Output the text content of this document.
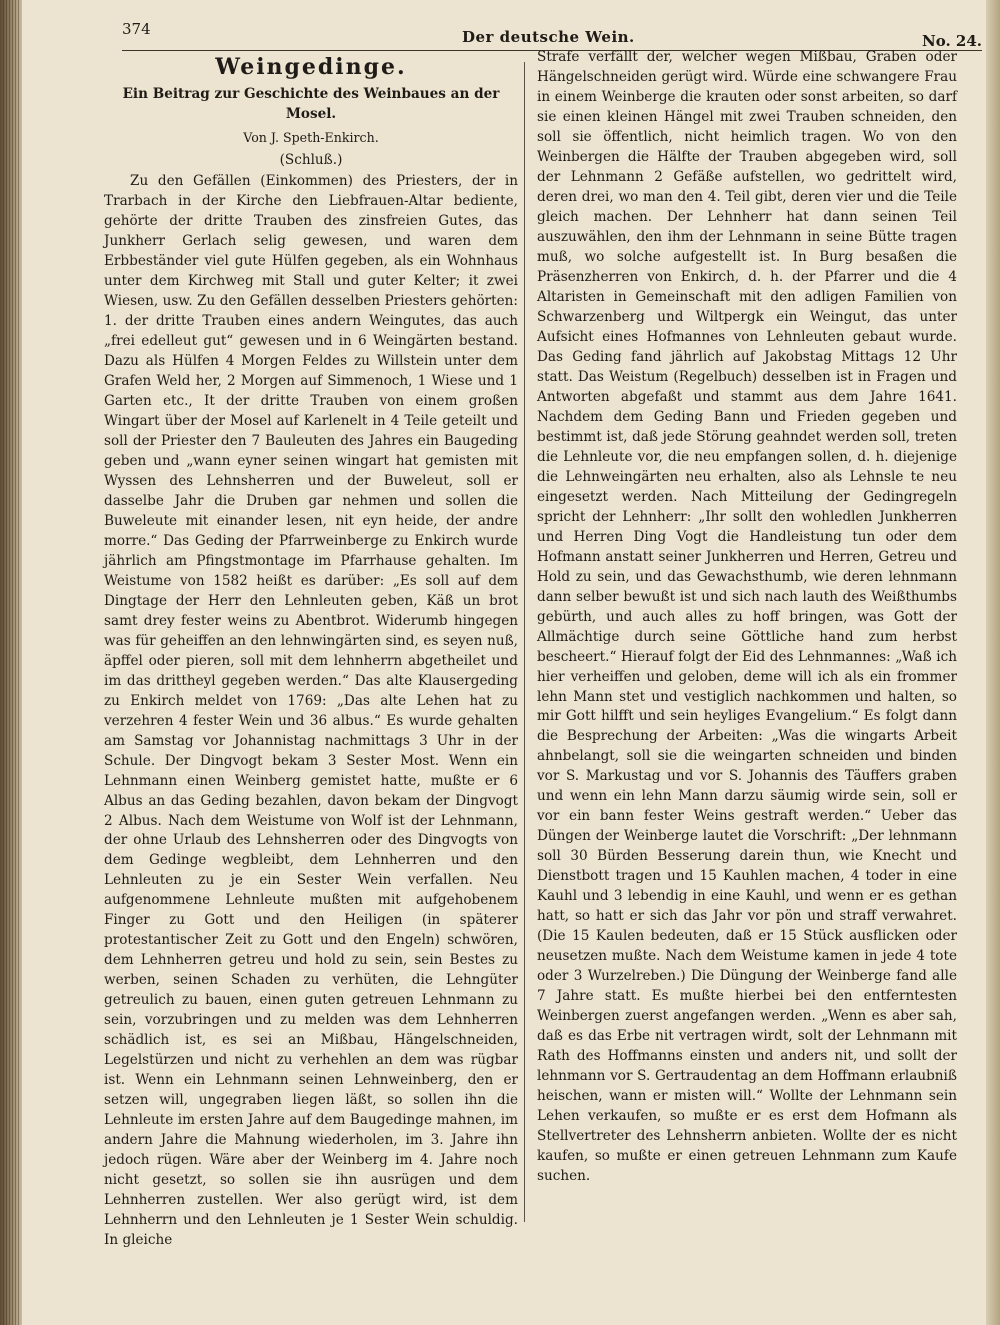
374	Der deutsche Wein.	No. 24.
Weingedinge.
Ein Beitrag zur Geschichte des Weinbaues an der Mosel.
Von J. Speth-Enkirch.
(Schluß.)

Zu den Gefällen (Einkommen) des Priesters, der in Trarbach in der Kirche den Liebfrauen-Altar bediente, gehörte der dritte Trauben des zinsfreien Gutes, das Junkherr Gerlach selig gewesen, und waren dem Erbbeständer viel gute Hülfen gegeben, als ein Wohnhaus unter dem Kirchweg mit Stall und guter Kelter; it zwei Wiesen, usw. Zu den Gefällen desselben Priesters gehörten: 1. der dritte Trauben eines andern Weingutes, das auch „frei edelleut gut“ gewesen und in 6 Weingärten bestand. Dazu als Hülfen 4 Morgen Feldes zu Willstein unter dem Grafen Weld her, 2 Morgen auf Simmenoch, 1 Wiese und 1 Garten etc., It der dritte Trauben von einem großen Wingart über der Mosel auf Karlenelt in 4 Teile geteilt und soll der Priester den 7 Bauleuten des Jahres ein Baugeding geben und „wann eyner seinen wingart hat gemisten mit Wyssen des Lehnsherren und der Buweleut, soll er dasselbe Jahr die Druben gar nehmen und sollen die Buweleute mit einander lesen, nit eyn heide, der andre morre.“ Das Geding der Pfarrweinberge zu Enkirch wurde jährlich am Pfingstmontage im Pfarrhause gehalten. Im Weistume von 1582 heißt es darüber: „Es soll auf dem Dingtage der Herr den Lehnleuten geben, Käß un brot samt drey fester weins zu Abentbrot. Widerumb hingegen was für geheiffen an den lehnwingärten sind, es seyen nuß, äpffel oder pieren, soll mit dem lehnherrn abgetheilet und im das drittheyl gegeben werden.“ Das alte Klausergeding zu Enkirch meldet von 1769: „Das alte Lehen hat zu verzehren 4 fester Wein und 36 albus.“ Es wurde gehalten am Samstag vor Johannistag nachmittags 3 Uhr in der Schule. Der Dingvogt bekam 3 Sester Most. Wenn ein Lehnmann einen Weinberg gemistet hatte, mußte er 6 Albus an das Geding bezahlen, davon bekam der Dingvogt 2 Albus. Nach dem Weistume von Wolf ist der Lehnmann, der ohne Urlaub des Lehnsherren oder des Dingvogts von dem Gedinge wegbleibt, dem Lehnherren und den Lehnleuten zu je ein Sester Wein verfallen. Neu aufgenommene Lehnleute mußten mit aufgehobenem Finger zu Gott und den Heiligen (in späterer protestantischer Zeit zu Gott und den Engeln) schwören, dem Lehnherren getreu und hold zu sein, sein Bestes zu werben, seinen Schaden zu verhüten, die Lehngüter getreulich zu bauen, einen guten getreuen Lehnmann zu sein, vorzubringen und zu melden was dem Lehnherren schädlich ist, es sei an Mißbau, Hängelschneiden, Legelstürzen und nicht zu verhehlen an dem was rügbar ist. Wenn ein Lehnmann seinen Lehnweinberg, den er setzen will, ungegraben liegen läßt, so sollen ihn die Lehnleute im ersten Jahre auf dem Baugedinge mahnen, im andern Jahre die Mahnung wiederholen, im 3. Jahre ihn jedoch rügen. Wäre aber der Weinberg im 4. Jahre noch nicht gesetzt, so sollen sie ihn ausrügen und dem Lehnherren zustellen. Wer also gerügt wird, ist dem Lehnherrn und den Lehnleuten je 1 Sester Wein schuldig. In gleiche

Strafe verfällt der, welcher wegen Mißbau, Graben oder Hängelschneiden gerügt wird. Würde eine schwangere Frau in einem Weinberge die krauten oder sonst arbeiten, so darf sie einen kleinen Hängel mit zwei Trauben schneiden, den soll sie öffentlich, nicht heimlich tragen. Wo von den Weinbergen die Hälfte der Trauben abgegeben wird, soll der Lehnmann 2 Gefäße aufstellen, wo gedrittelt wird, deren drei, wo man den 4. Teil gibt, deren vier und die Teile gleich machen. Der Lehnherr hat dann seinen Teil auszuwählen, den ihm der Lehnmann in seine Bütte tragen muß, wo solche aufgestellt ist. In Burg besaßen die Präsenzherren von Enkirch, d. h. der Pfarrer und die 4 Altaristen in Gemeinschaft mit den adligen Familien von Schwarzenberg und Wiltpergk ein Weingut, das unter Aufsicht eines Hofmannes von Lehnleuten gebaut wurde. Das Geding fand jährlich auf Jakobstag Mittags 12 Uhr statt. Das Weistum (Regelbuch) desselben ist in Fragen und Antworten abgefaßt und stammt aus dem Jahre 1641. Nachdem dem Geding Bann und Frieden gegeben und bestimmt ist, daß jede Störung geahndet werden soll, treten die Lehnleute vor, die neu empfangen sollen, d. h. diejenige die Lehnweingärten neu erhalten, also als Lehnsle te neu eingesetzt werden. Nach Mitteilung der Gedingregeln spricht der Lehnherr: „Ihr sollt den wohledlen Junkherren und Herren Ding Vogt die Handleistung tun oder dem Hofmann anstatt seiner Junkherren und Herren, Getreu und Hold zu sein, und das Gewachsthumb, wie deren lehnmann dann selber bewußt ist und sich nach lauth des Weißthumbs gebürth, und auch alles zu hoff bringen, was Gott der Allmächtige durch seine Göttliche hand zum herbst bescheert.“ Hierauf folgt der Eid des Lehnmannes: „Waß ich hier verheiffen und geloben, deme will ich als ein frommer lehn Mann stet und vestiglich nachkommen und halten, so mir Gott hilfft und sein heyliges Evangelium.“ Es folgt dann die Besprechung der Arbeiten: „Was die wingarts Arbeit ahnbelangt, soll sie die weingarten schneiden und binden vor S. Markustag und vor S. Johannis des Täuffers graben und wenn ein lehn Mann darzu säumig wirde sein, soll er vor ein bann fester Weins gestraft werden.“ Ueber das Düngen der Weinberge lautet die Vorschrift: „Der lehnmann soll 30 Bürden Besserung darein thun, wie Knecht und Dienstbott tragen und 15 Kauhlen machen, 4 toder in eine Kauhl und 3 lebendig in eine Kauhl, und wenn er es gethan hatt, so hatt er sich das Jahr vor pön und straff verwahret. (Die 15 Kaulen bedeuten, daß er 15 Stück ausflicken oder neusetzen mußte. Nach dem Weistume kamen in jede 4 tote oder 3 Wurzelreben.) Die Düngung der Weinberge fand alle 7 Jahre statt. Es mußte hierbei bei den entferntesten Weinbergen zuerst angefangen werden. „Wenn es aber sah, daß es das Erbe nit vertragen wirdt, solt der Lehnmann mit Rath des Hoffmanns einsten und anders nit, und sollt der lehnmann vor S. Gertraudentag an dem Hoffmann erlaubniß heischen, wann er misten will.“ Wollte der Lehnmann sein Lehen verkaufen, so mußte er es erst dem Hofmann als Stellvertreter des Lehnsherrn anbieten. Wollte der es nicht kaufen, so mußte er einen getreuen Lehnmann zum Kaufe suchen.
